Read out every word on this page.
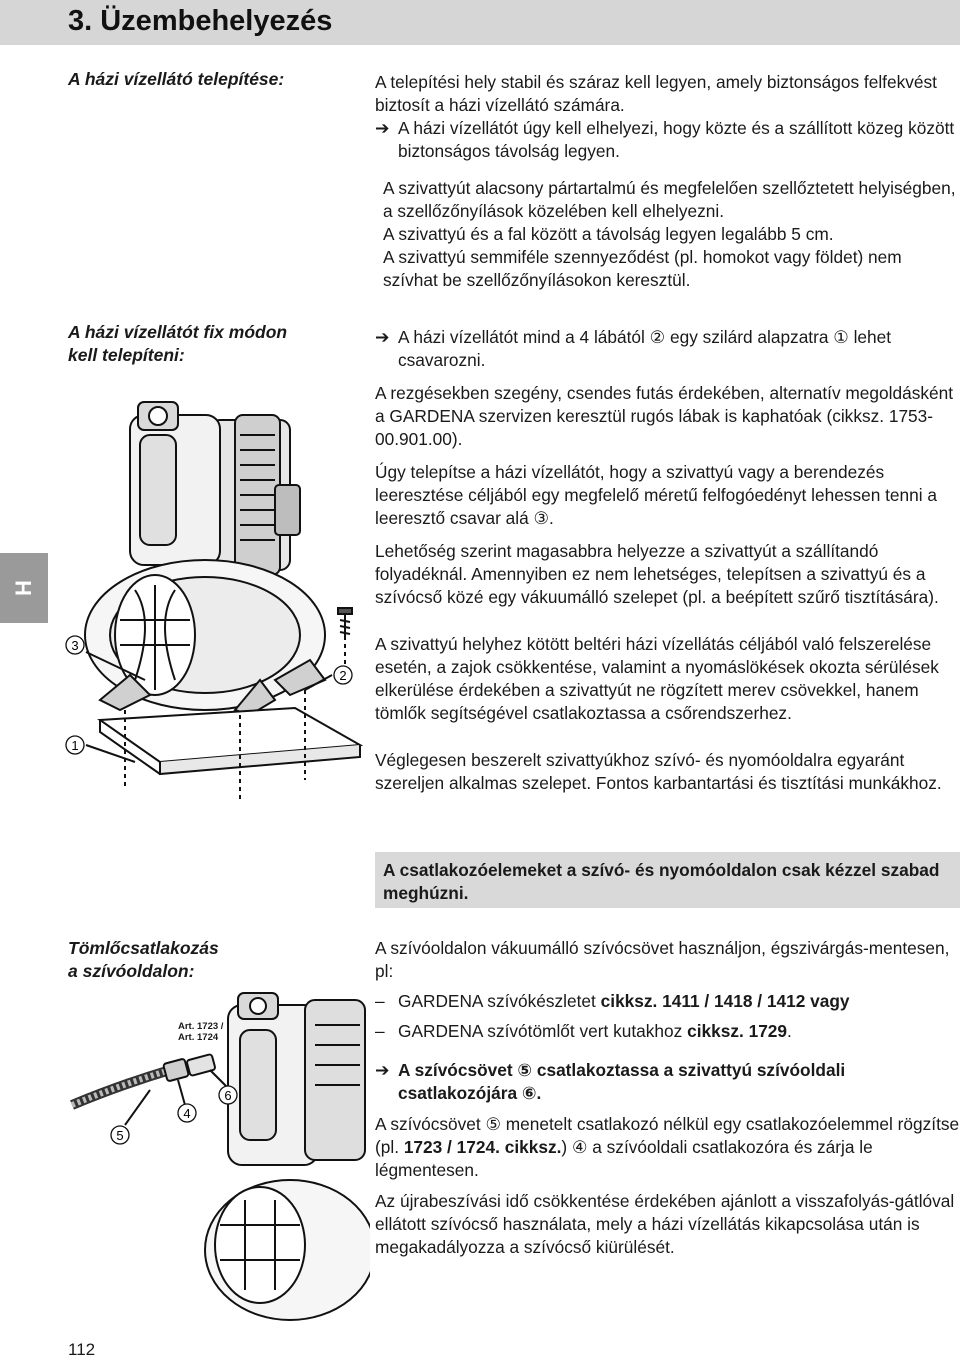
3. Üzembehelyezés
H
A házi vízellátó telepítése:	A telepítési hely stabil és száraz kell legyen, amely biztonságos felfekvést biztosít a házi vízellátó számára.

➔ A házi vízellátót úgy kell elhelyezi, hogy közte és a szállított közeg között biztonságos távolság legyen.

A szivattyút alacsony pártartalmú és megfelelően szellőztetett helyiségben, a szellőzőnyílások közelében kell elhelyezni.

A szivattyú és a fal között a távolság legyen legalább 5 cm.

A szivattyú semmiféle szennyeződést (pl. homokot vagy földet) nem szívhat be szellőzőnyílásokon keresztül.

A házi vízellátót fix módon
kell telepíteni:

➔ A házi vízellátót mind a 4 lábától ② egy szilárd alapzatra ① lehet csavarozni.

A rezgésekben szegény, csendes futás érdekében, alternatív megoldásként a GARDENA szervizen keresztül rugós lábak is kaphatóak (cikksz. 1753-00.901.00).

Úgy telepítse a házi vízellátót, hogy a szivattyú vagy a berendezés leeresztése céljából egy megfelelő méretű felfogóedényt lehessen tenni a leeresztő csavar alá ③.

Lehetőség szerint magasabbra helyezze a szivattyút a szállítandó folyadéknál. Amennyiben ez nem lehetséges, telepítsen a szivattyú és a szívócső közé egy vákuumálló szelepet (pl. a beépített szűrő tisztítására).

A szivattyú helyhez kötött beltéri házi vízellátás céljából való felszerelése esetén, a zajok csökkentése, valamint a nyomáslökések okozta sérülések elkerülése érdekében a szivattyút ne rögzített merev csövekkel, hanem tömlők segítségével csatlakoztassa a csőrendszerhez.

Véglegesen beszerelt szivattyúkhoz szívó- és nyomóoldalra egyaránt szereljen alkalmas szelepet. Fontos karbantartási és tisztítási munkákhoz.

A csatlakozóelemeket a szívó- és nyomóoldalon csak kézzel szabad meghúzni.

3
1
2
Tömlőcsatlakozás
a szívóoldalon:

A szívóoldalon vákuumálló szívócsövet használjon, égszivárgás-mentesen, pl:

– GARDENA szívókészletet cikksz. 1411 / 1418 / 1412 vagy

– GARDENA szívótömlőt vert kutakhoz cikksz. 1729.

➔ A szívócsövet ⑤ csatlakoztassa a szivattyú szívóoldali csatlakozójára ⑥.

A szívócsövet ⑤ menetelt csatlakozó nélkül egy csatlakozóelemmel rögzítse (pl. 1723 / 1724. cikksz.) ④ a szívóoldali csatlakozóra és zárja le légmentesen.

Az újrabeszívási idő csökkentése érdekében ajánlott a visszafolyás-gátlóval ellátott szívócső használata, mely a házi vízellátás kikapcsolása után is megakadályozza a szívócső kiürülését.

Art. 1723 /
Art. 1724
5
4
6
112
